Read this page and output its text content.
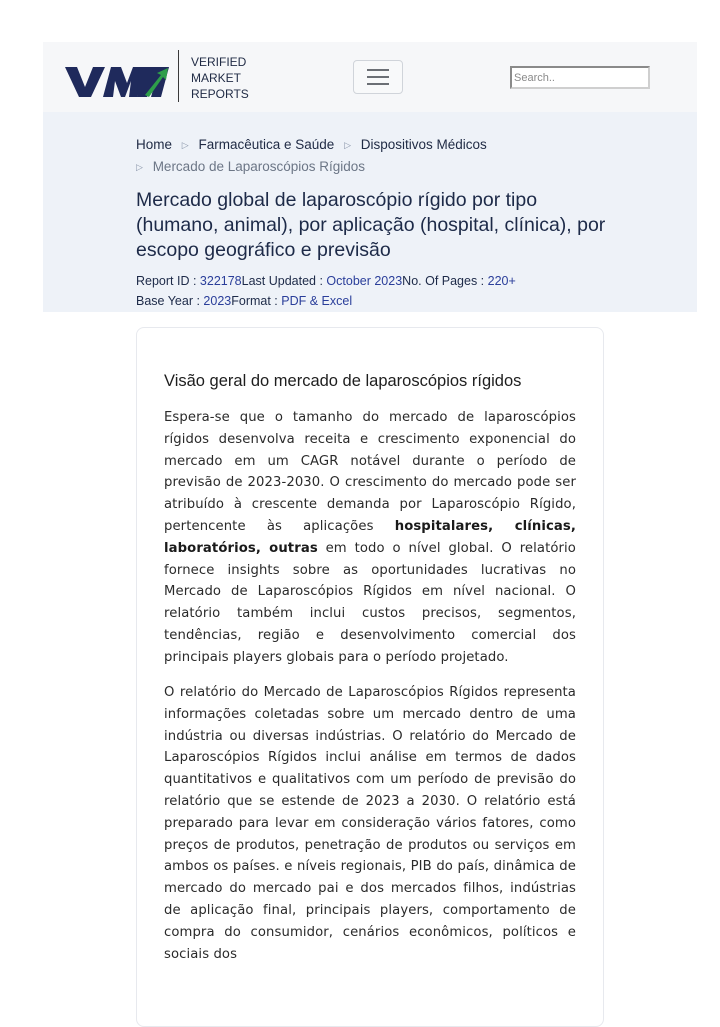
VERIFIED
MARKET
REPORTS
Search..
Home ▷ Farmacêutica e Saúde ▷ Dispositivos Médicos
▷ Mercado de Laparoscópios Rígidos
Mercado global de laparoscópio rígido por tipo (humano, animal), por aplicação (hospital, clínica), por escopo geográfico e previsão
Report ID : 322178Last Updated : October 2023No. Of Pages : 220+
Base Year : 2023Format : PDF & Excel
Visão geral do mercado de laparoscópios rígidos
Espera-se que o tamanho do mercado de laparoscópios rígidos desenvolva receita e crescimento exponencial do mercado em um CAGR notável durante o período de previsão de 2023-2030. O crescimento do mercado pode ser atribuído à crescente demanda por Laparoscópio Rígido, pertencente às aplicações hospitalares, clínicas, laboratórios, outras em todo o nível global. O relatório fornece insights sobre as oportunidades lucrativas no Mercado de Laparoscópios Rígidos em nível nacional. O relatório também inclui custos precisos, segmentos, tendências, região e desenvolvimento comercial dos principais players globais para o período projetado.
O relatório do Mercado de Laparoscópios Rígidos representa informações coletadas sobre um mercado dentro de uma indústria ou diversas indústrias. O relatório do Mercado de Laparoscópios Rígidos inclui análise em termos de dados quantitativos e qualitativos com um período de previsão do relatório que se estende de 2023 a 2030. O relatório está preparado para levar em consideração vários fatores, como preços de produtos, penetração de produtos ou serviços em ambos os países. e níveis regionais, PIB do país, dinâmica de mercado do mercado pai e dos mercados filhos, indústrias de aplicação final, principais players, comportamento de compra do consumidor, cenários econômicos, políticos e sociais dos
